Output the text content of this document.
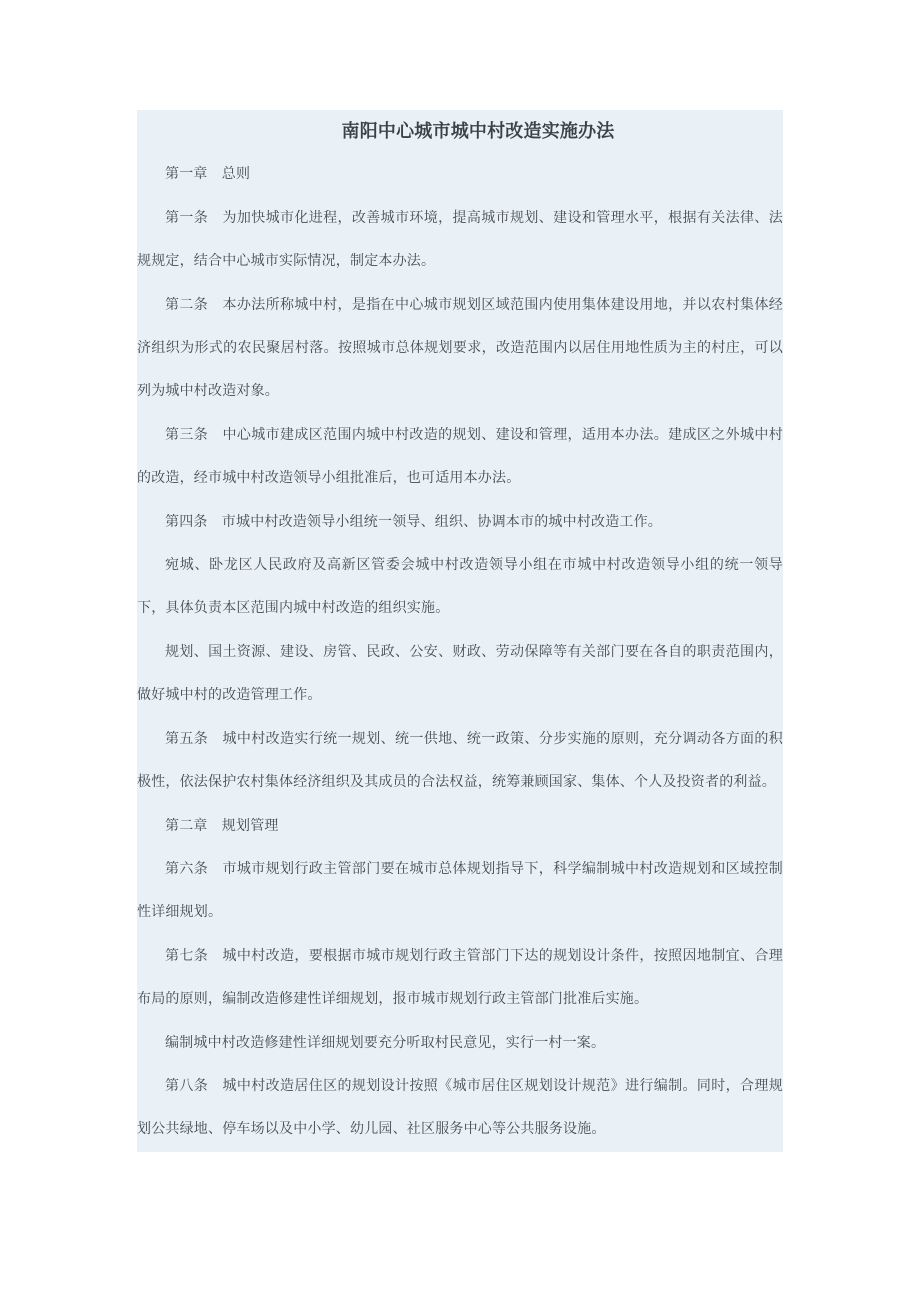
南阳中心城市城中村改造实施办法

第一章　总则

第一条　为加快城市化进程，改善城市环境，提高城市规划、建设和管理水平，根据有关法律、法规规定，结合中心城市实际情况，制定本办法。

第二条　本办法所称城中村，是指在中心城市规划区域范围内使用集体建设用地，并以农村集体经济组织为形式的农民聚居村落。按照城市总体规划要求，改造范围内以居住用地性质为主的村庄，可以列为城中村改造对象。

第三条　中心城市建成区范围内城中村改造的规划、建设和管理，适用本办法。建成区之外城中村的改造，经市城中村改造领导小组批准后，也可适用本办法。

第四条　市城中村改造领导小组统一领导、组织、协调本市的城中村改造工作。

宛城、卧龙区人民政府及高新区管委会城中村改造领导小组在市城中村改造领导小组的统一领导下，具体负责本区范围内城中村改造的组织实施。

规划、国土资源、建设、房管、民政、公安、财政、劳动保障等有关部门要在各自的职责范围内，做好城中村的改造管理工作。

第五条　城中村改造实行统一规划、统一供地、统一政策、分步实施的原则，充分调动各方面的积极性，依法保护农村集体经济组织及其成员的合法权益，统筹兼顾国家、集体、个人及投资者的利益。

第二章　规划管理

第六条　市城市规划行政主管部门要在城市总体规划指导下，科学编制城中村改造规划和区域控制性详细规划。

第七条　城中村改造，要根据市城市规划行政主管部门下达的规划设计条件，按照因地制宜、合理布局的原则，编制改造修建性详细规划，报市城市规划行政主管部门批准后实施。

编制城中村改造修建性详细规划要充分听取村民意见，实行一村一案。

第八条　城中村改造居住区的规划设计按照《城市居住区规划设计规范》进行编制。同时，合理规划公共绿地、停车场以及中小学、幼儿园、社区服务中心等公共服务设施。
